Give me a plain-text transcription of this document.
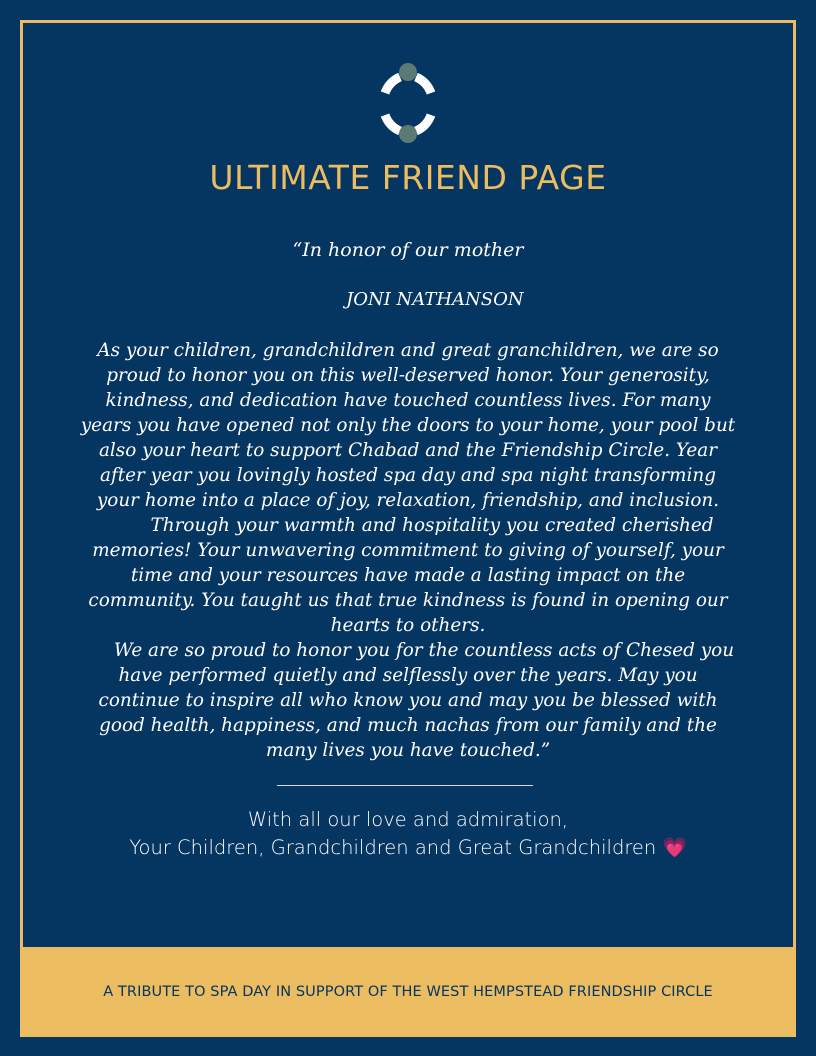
ULTIMATE FRIEND PAGE
“In honor of our mother
JONI NATHANSON

As your children, grandchildren and great granchildren, we are so proud to honor you on this well-deserved honor. Your generosity, kindness, and dedication have touched countless lives. For many years you have opened not only the doors to your home, your pool but also your heart to support Chabad and the Friendship Circle. Year after year you lovingly hosted spa day and spa night transforming your home into a place of joy, relaxation, friendship, and inclusion.

Through your warmth and hospitality you created cherished memories! Your unwavering commitment to giving of yourself, your time and your resources have made a lasting impact on the community. You taught us that true kindness is found in opening our hearts to others.

We are so proud to honor you for the countless acts of Chesed you have performed quietly and selflessly over the years. May you continue to inspire all who know you and may you be blessed with good health, happiness, and much nachas from our family and the many lives you have touched.”

With all our love and admiration,
Your Children, Grandchildren and Great Grandchildren 💗
A TRIBUTE TO SPA DAY IN SUPPORT OF THE WEST HEMPSTEAD FRIENDSHIP CIRCLE
